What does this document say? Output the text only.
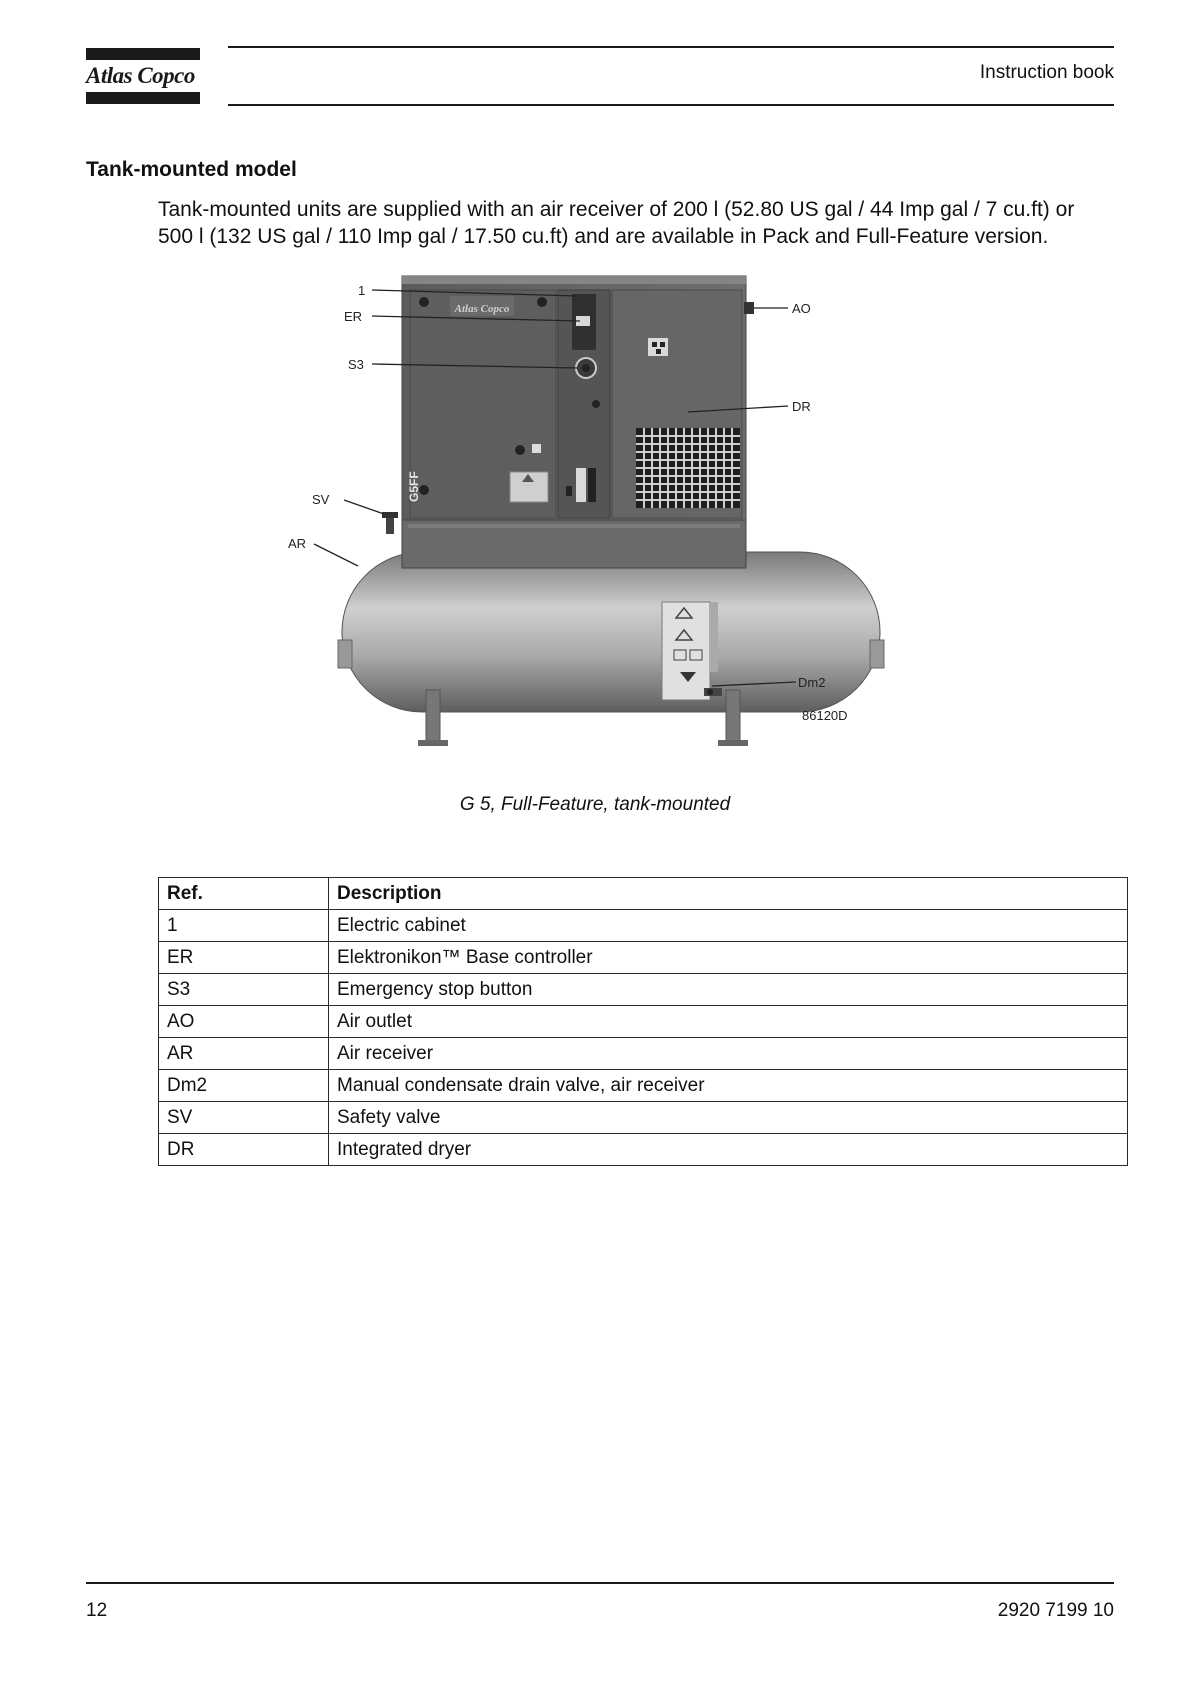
Atlas Copco	Instruction book
Tank-mounted model
Tank-mounted units are supplied with an air receiver of 200 l (52.80 US gal / 44 Imp gal / 7 cu.ft) or 500 l (132 US gal / 110 Imp gal / 17.50 cu.ft) and are available in Pack and Full-Feature version.
Atlas Copco
G5FF
1
ER
S3
AO
DR
SV
AR
Dm2
86120D
G 5, Full-Feature, tank-mounted
Ref.	Description
1	Electric cabinet
ER	Elektronikon™ Base controller
S3	Emergency stop button
AO	Air outlet
AR	Air receiver
Dm2	Manual condensate drain valve, air receiver
SV	Safety valve
DR	Integrated dryer
12	2920 7199 10
